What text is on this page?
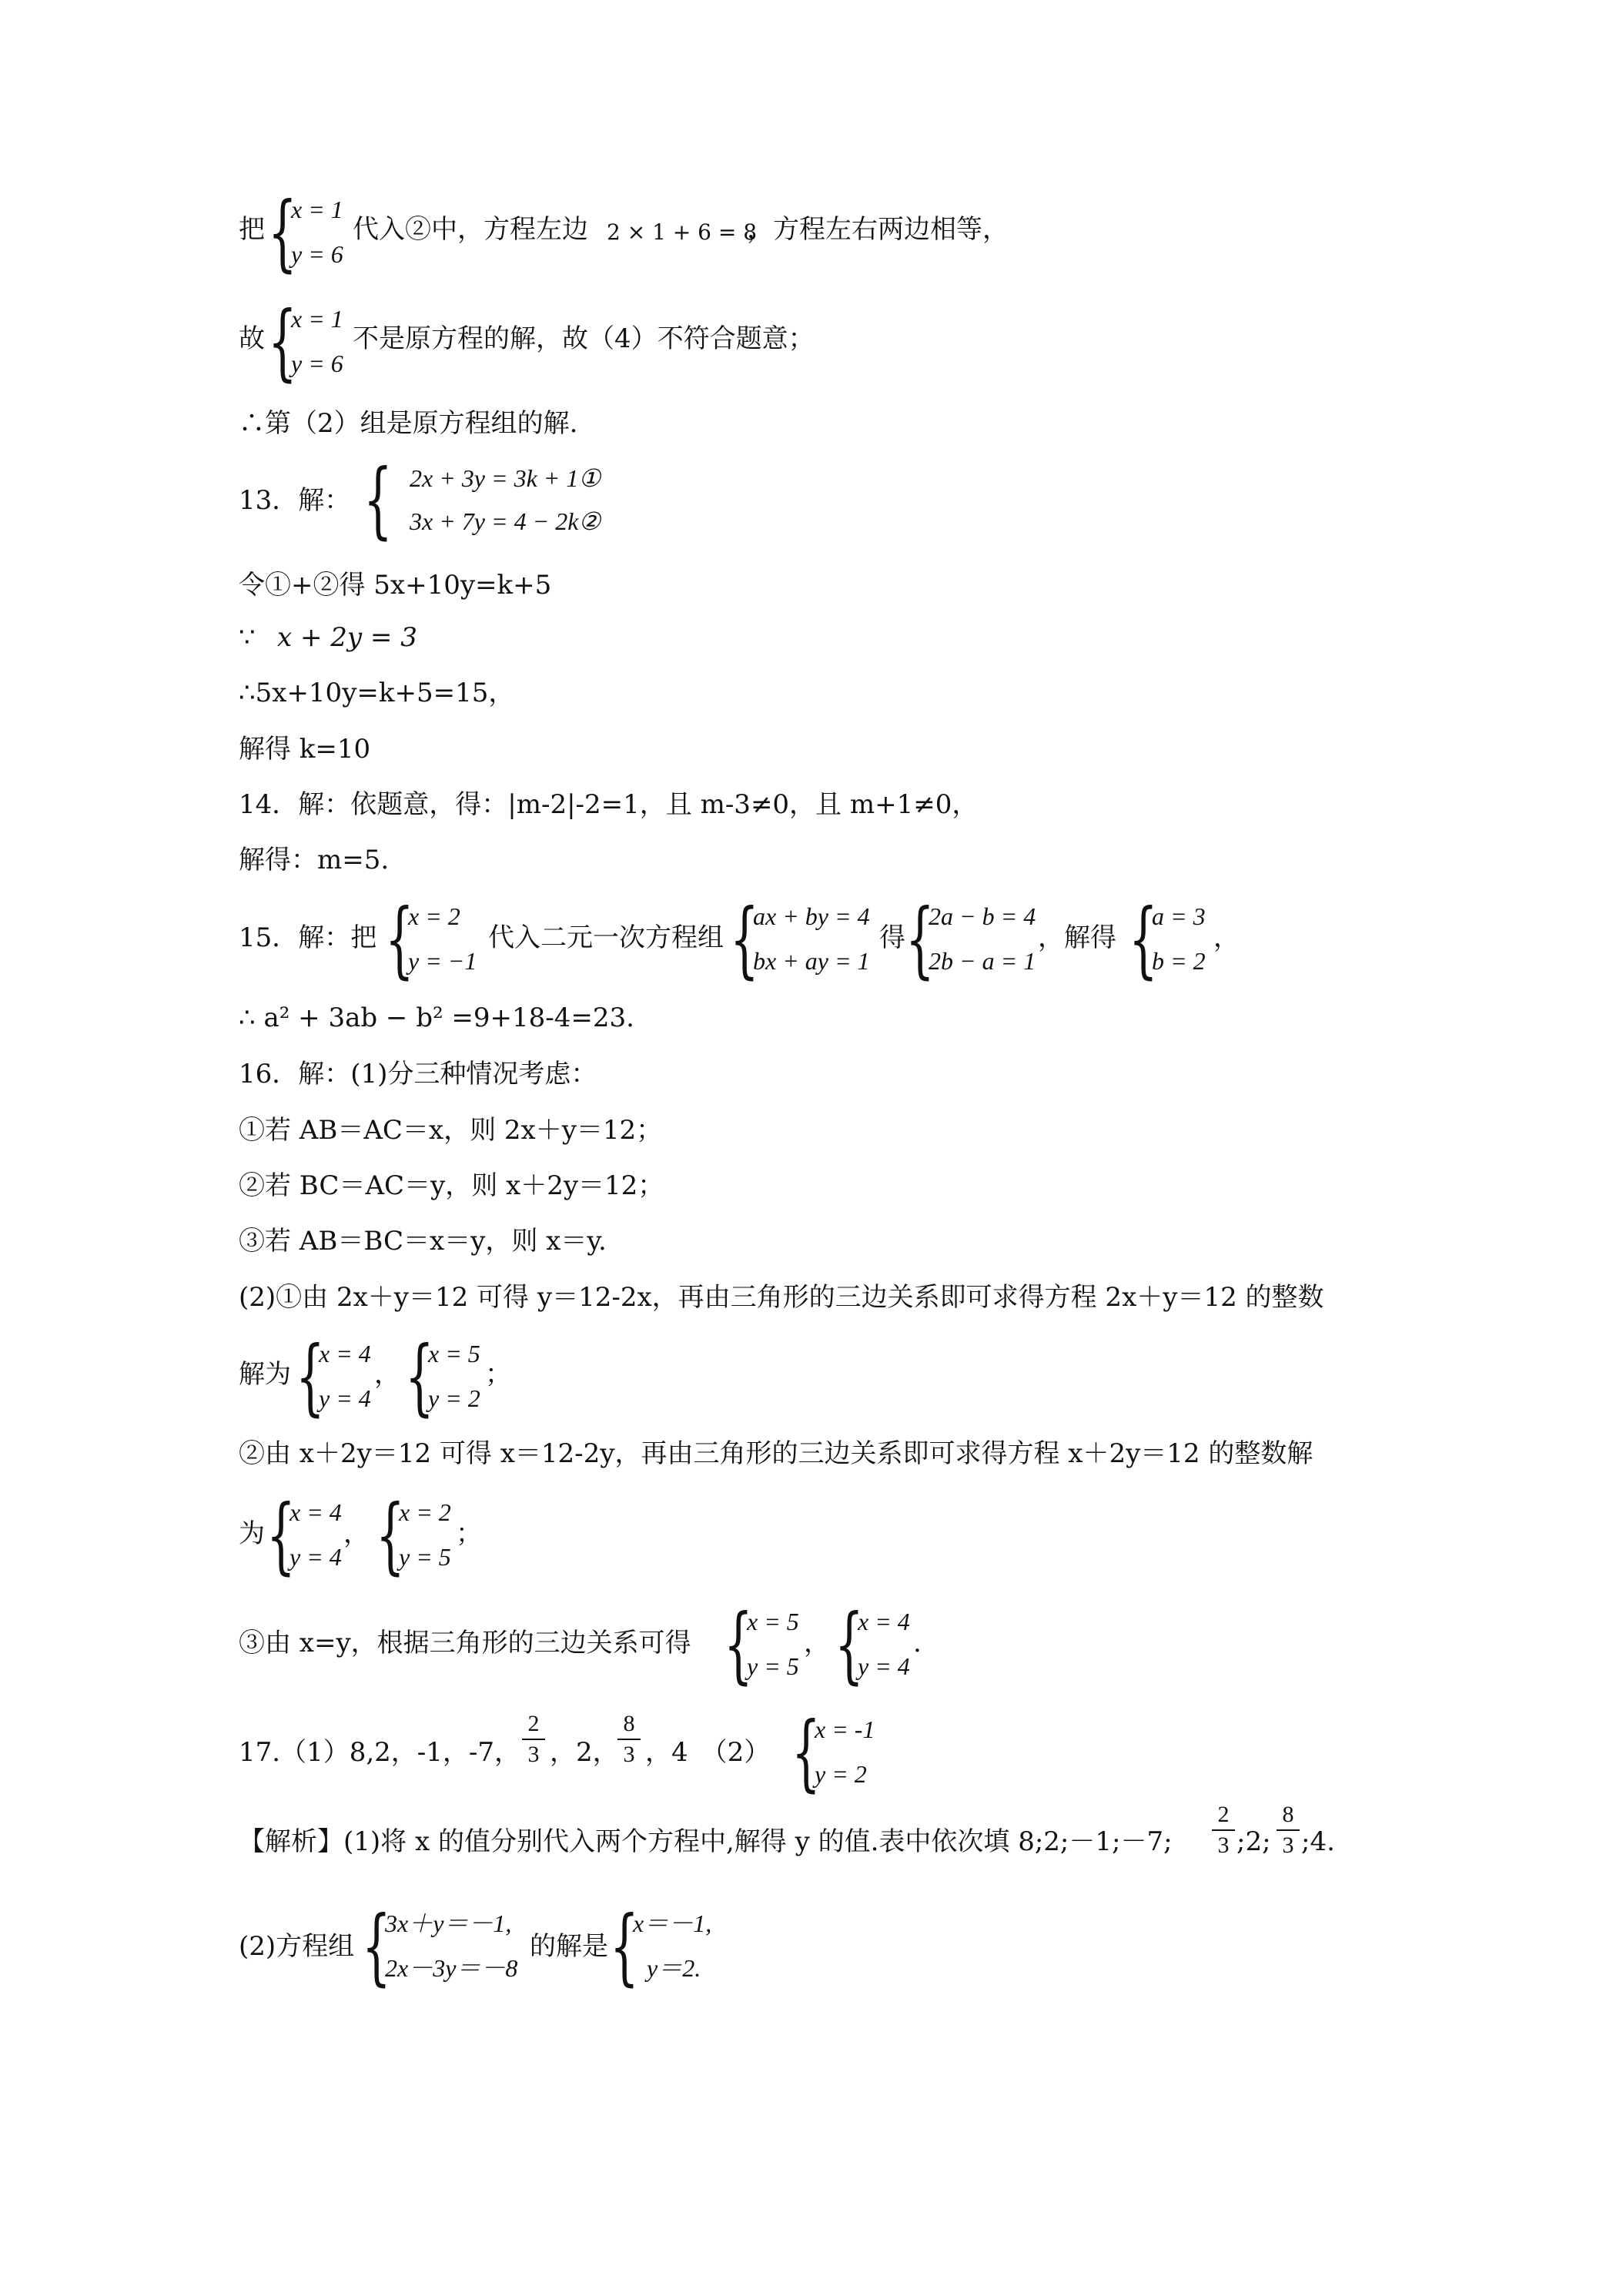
把 {
x = 1
y = 6
代入②中，方程左边 2 × 1 + 6 = 8
，方程左右两边相等，
故 {
x = 1
y = 6
不是原方程的解，故（4）不符合题意；
∴第（2）组是原方程组的解.
13．解： { 2x + 3y = 3k + 1①
3x + 7y = 4 − 2k②
令①+②得 5x+10y=k+5
∵ x + 2y = 3
∴5x+10y=k+5=15，
解得 k=10
14．解：依题意，得：|m-2|-2=1，且 m-3≠0，且 m+1≠0，
解得：m=5.
15．解：把 {
x = 2
y = −1
代入二元一次方程组 {
ax + by = 4
bx + ay = 1
得 {
2a − b = 4
2b − a = 1
，解得 {
a = 3
b = 2
，
∴ a² + 3ab − b² =9+18-4=23.
16．解：(1)分三种情况考虑：
①若 AB＝AC＝x，则 2x＋y＝12；
②若 BC＝AC＝y，则 x＋2y＝12；
③若 AB＝BC＝x＝y，则 x＝y.
(2)①由 2x＋y＝12 可得 y＝12-2x，再由三角形的三边关系即可求得方程 2x＋y＝12 的整数
解为 {
x = 4
y = 4
， {
x = 5
y = 2
；
②由 x＋2y＝12 可得 x＝12-2y，再由三角形的三边关系即可求得方程 x＋2y＝12 的整数解
为 {
x = 4
y = 4
， {
x = 2
y = 5
；
③由 x=y，根据三角形的三边关系可得 {
x = 5
y = 5
， {
x = 4
y = 4
.
17.（1）8,2，-1，-7，
2
3 ，2，
8
3 ，4　（2） {
x = -1
y = 2
【解析】(1)将 x 的值分别代入两个方程中,解得 y 的值.表中依次填 8;2;－1;－7;
2
3 ;2;
8
3 ;4.
(2)方程组 {
3x＋y＝－1,
2x－3y＝－8
的解是 {
x＝－1,
y＝2.
